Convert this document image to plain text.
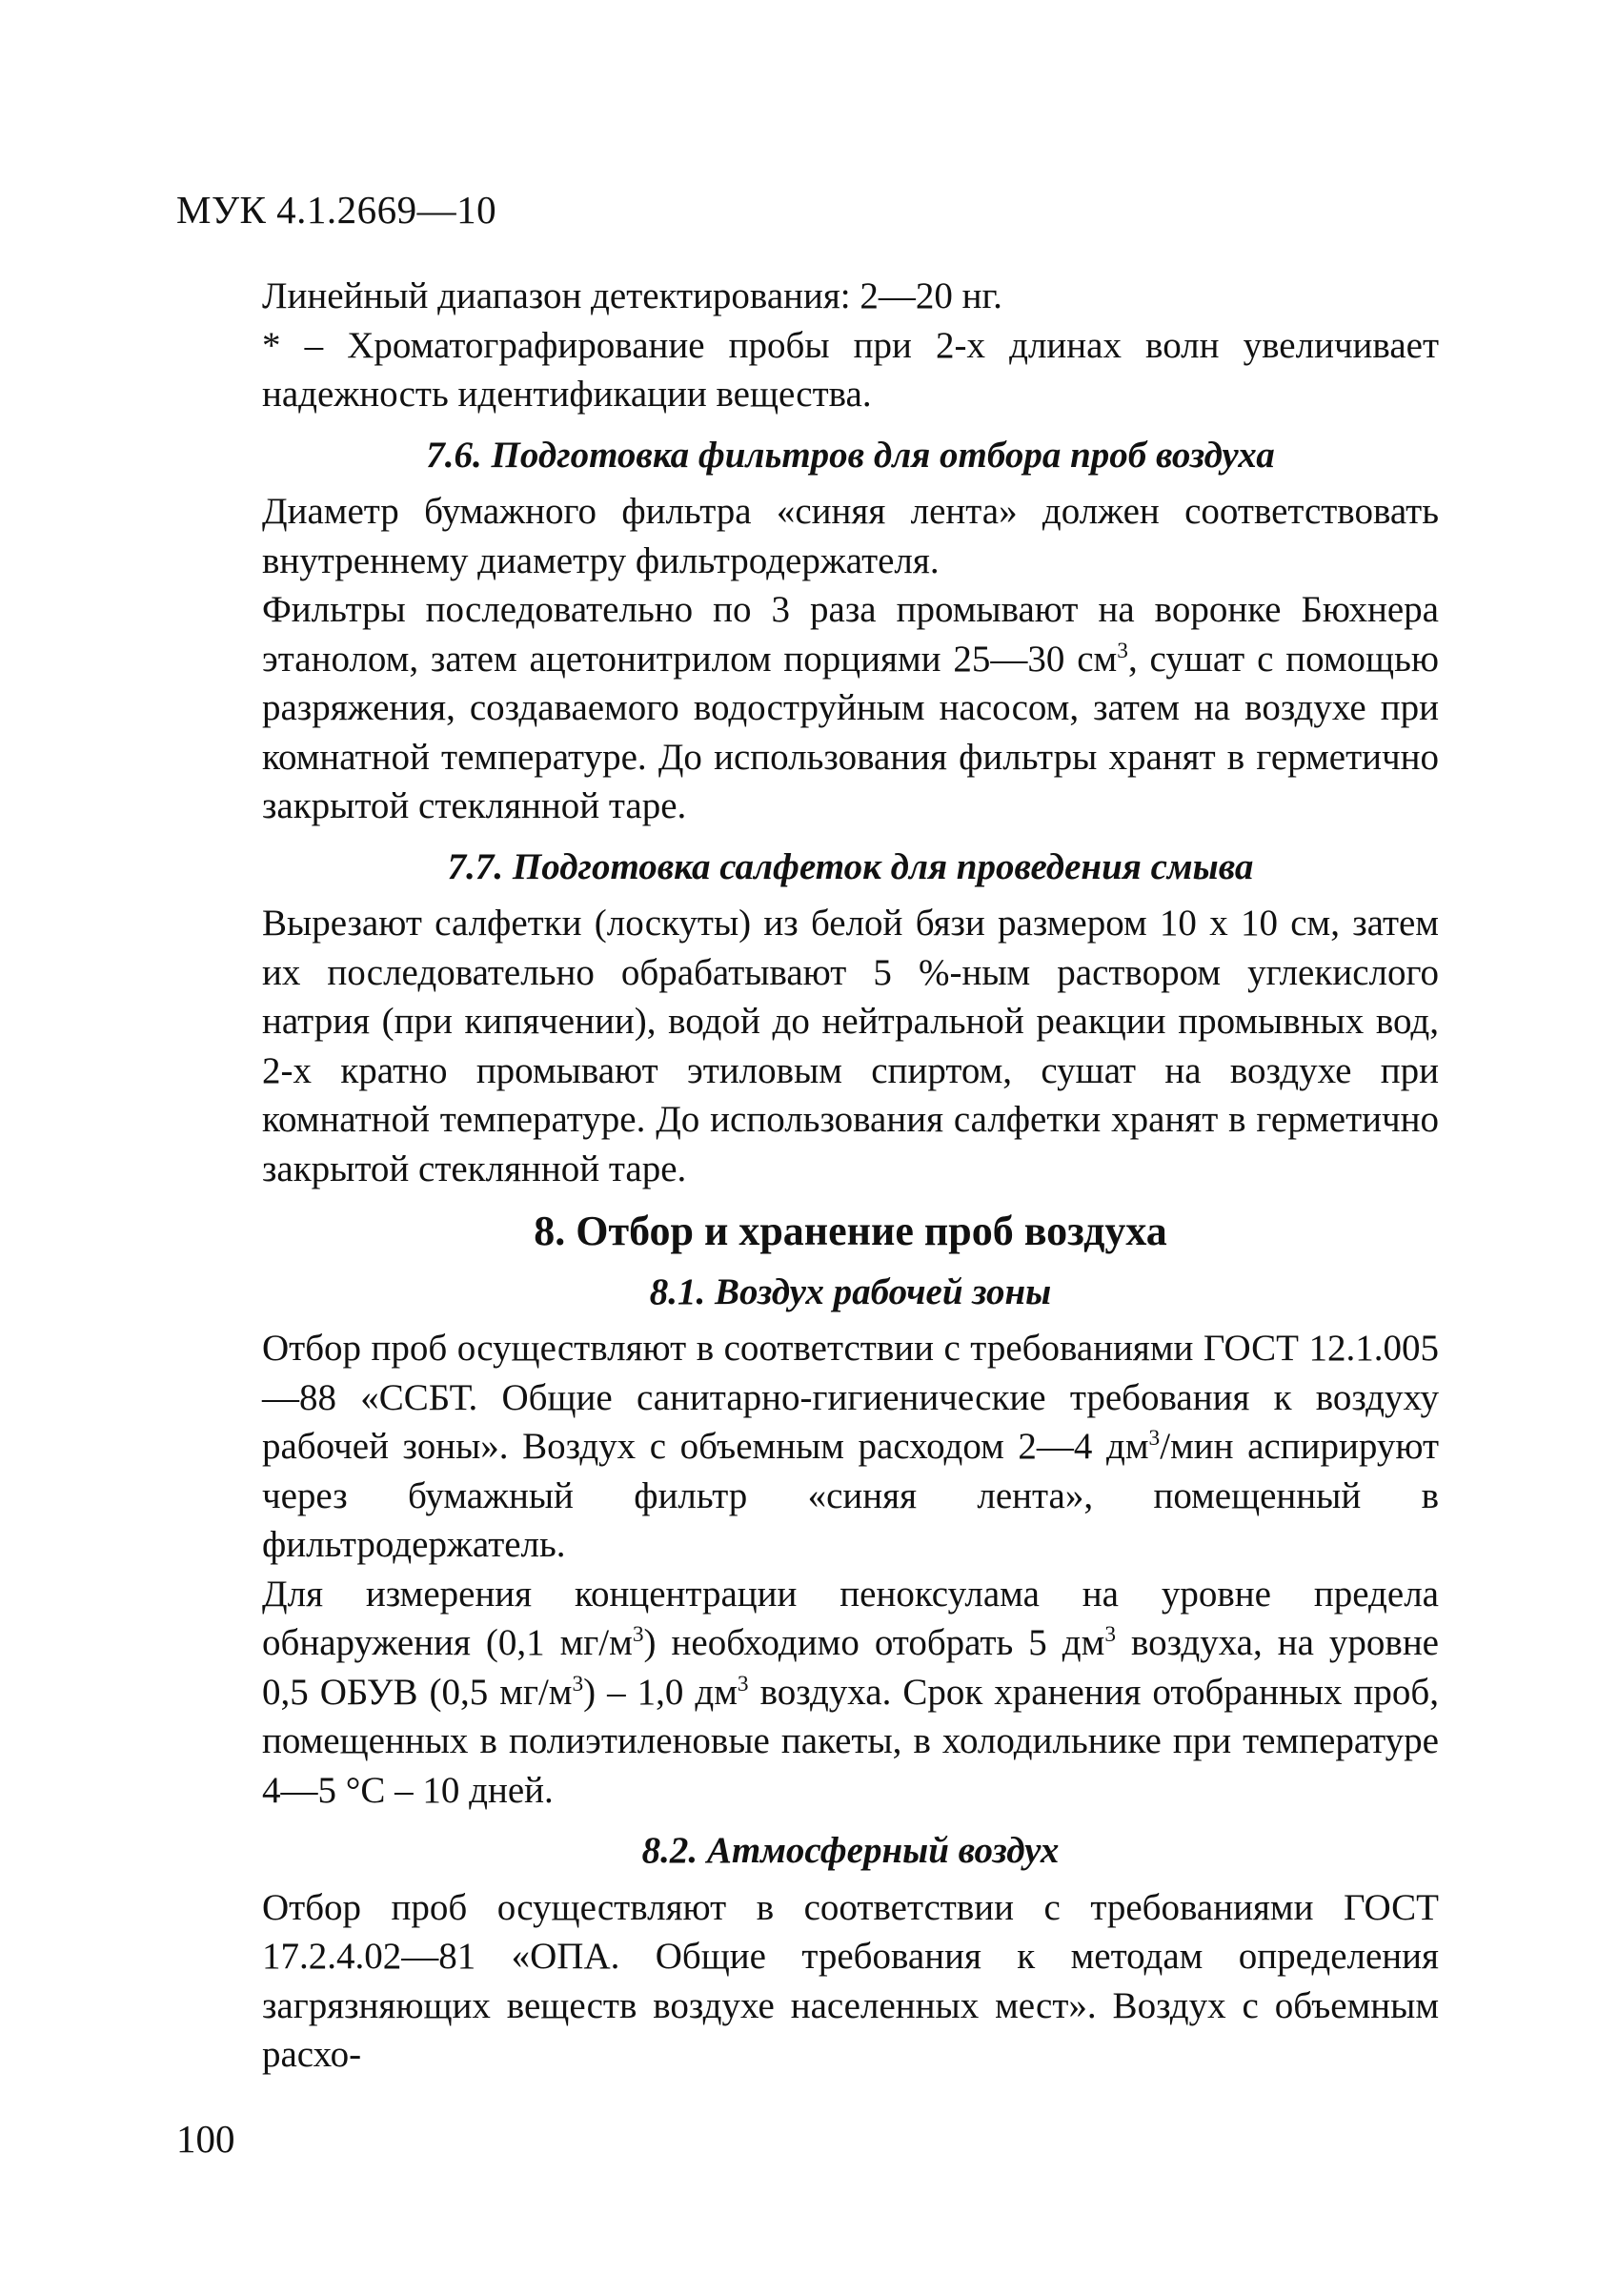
МУК 4.1.2669—10

Линейный диапазон детектирования: 2—20 нг.

* – Хроматографирование пробы при 2-х длинах волн увеличивает надежность идентификации вещества.

7.6. Подготовка фильтров для отбора проб воздуха

Диаметр бумажного фильтра «синяя лента» должен соответствовать внутреннему диаметру фильтродержателя.

Фильтры последовательно по 3 раза промывают на воронке Бюхнера этанолом, затем ацетонитрилом порциями 25—30 $см^3$, сушат с помощью разряжения, создаваемого водоструйным насосом, затем на воздухе при комнатной температуре. До использования фильтры хранят в герметично закрытой стеклянной таре.

7.7. Подготовка салфеток для проведения смыва

Вырезают салфетки (лоскуты) из белой бязи размером 10 x 10 см, затем их последовательно обрабатывают 5 %-ным раствором углекислого натрия (при кипячении), водой до нейтральной реакции промывных вод, 2-х кратно промывают этиловым спиртом, сушат на воздухе при комнатной температуре. До использования салфетки хранят в герметично закрытой стеклянной таре.

8. Отбор и хранение проб воздуха
8.1. Воздух рабочей зоны

Отбор проб осуществляют в соответствии с требованиями ГОСТ 12.1.005—88 «ССБТ. Общие санитарно-гигиенические требования к воздуху рабочей зоны». Воздух с объемным расходом 2—4 $дм^3$/мин аспирируют через бумажный фильтр «синяя лента», помещенный в фильтродержатель.

Для измерения концентрации пеноксулама на уровне предела обнаружения (0,1 $мг/м^3$) необходимо отобрать 5 $дм^3$ воздуха, на уровне 0,5 ОБУВ (0,5 $мг/м^3) - 1,0$ $дм^3$ воздуха. Срок хранения отобранных проб, помещенных в полиэтиленовые пакеты, в холодильнике при температуре 4—5 °С – 10 дней.

8.2. Атмосферный воздух

Отбор проб осуществляют в соответствии с требованиями ГОСТ 17.2.4.02—81 «ОПА. Общие требования к методам определения загрязняющих веществ воздухе населенных мест». Воздух с объемным расхо-

100
